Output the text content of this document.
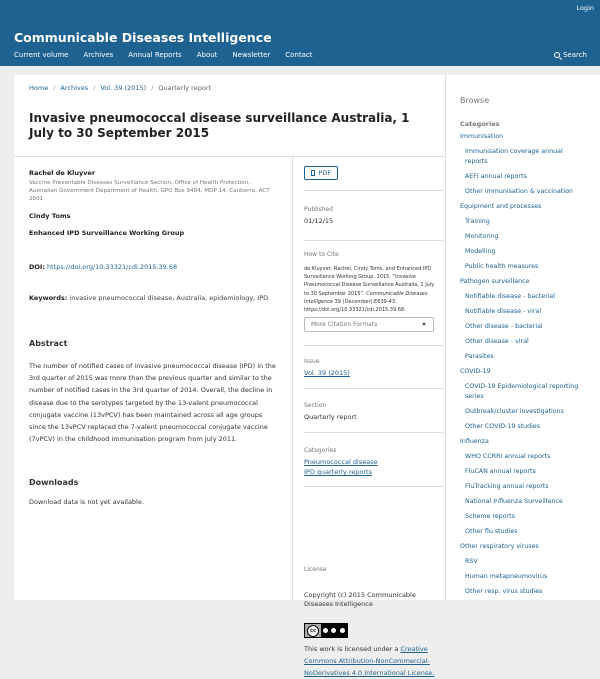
Login
Communicable Diseases Intelligence
Current volume Archives Annual Reports About Newsletter Contact	Search
Home / Archives / Vol. 39 (2015) / Quarterly report
Invasive pneumococcal disease surveillance Australia, 1 July to 30 September 2015
Rachel de Kluyver
Vaccine Preventable Diseases Surveillance Section, Office of Health Protection, Australian Government Department of Health, GPO Box 9484, MDP 14, Canberra, ACT 2601
Cindy Toms
Enhanced IPD Surveillance Working Group
DOI: https://doi.org/10.33321/cdi.2015.39.68
Keywords: invasive pneumococcal disease, Australia, epidemiology, IPD
Abstract
The number of notified cases of invasive pneumococcal disease (IPD) in the
3rd quarter of 2015 was more than the previous quarter and similar to the
number of notified cases in the 3rd quarter of 2014. Overall, the decline in
disease due to the serotypes targeted by the 13-valent pneumococcal
conjugate vaccine (13vPCV) has been maintained across all age groups
since the 13vPCV replaced the 7-valent pneumococcal conjugate vaccine
(7vPCV) in the childhood immunisation program from July 2011.
Downloads
Download data is not yet available.
PDF
Published
01/12/15
How to Cite
de Kluyver, Rachel, Cindy Toms, and Enhanced IPD
Surveillance Working Group. 2015. “Invasive
Pneumococcal Disease Surveillance Australia, 1 July
to 30 September 2015”. Communicable Diseases
Intelligence 39 (December):E639-43.
https://doi.org/10.33321/cdi.2015.39.68.
More Citation Formats
Issue
Vol. 39 (2015)
Section
Quarterly report
Categories
Pneumococcal disease
IPD quarterly reports
License
Copyright (c) 2015 Communicable
Diseases Intelligence
cc
This work is licensed under a Creative
Commons Attribution-NonCommercial-
NoDerivatives 4.0 International License.
Browse
Categories
Immunisation
Immunisation coverage annual
reports
AEFI annual reports
Other immunisation & vaccination
Equipment and processes
Training
Monitoring
Modelling
Public health measures
Pathogen surveillance
Notifiable disease - bacterial
Notifiable disease - viral
Other disease - bacterial
Other disease - viral
Parasites
COVID-19
COVID-19 Epidemiological reporting
series
Outbreak/cluster investigations
Other COVID-19 studies
Influenza
WHO CCRRI annual reports
FluCAN annual reports
FluTracking annual reports
National Influenza Surveillance
Scheme reports
Other flu studies
Other respiratory viruses
RSV
Human metapneumovirus
Other resp. virus studies
